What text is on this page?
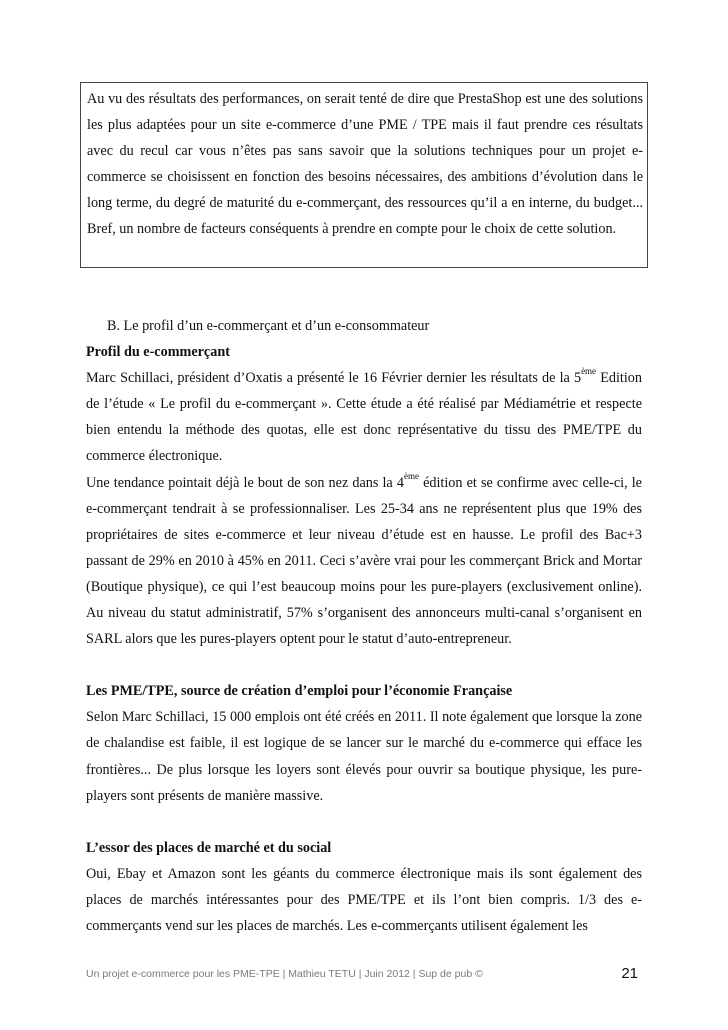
Au vu des résultats des performances, on serait tenté de dire que PrestaShop est une des solutions les plus adaptées pour un site e-commerce d’une PME / TPE mais il faut prendre ces résultats avec du recul car vous n’êtes pas sans savoir que la solutions techniques pour un projet e-commerce se choisissent en fonction des besoins nécessaires, des ambitions d’évolution dans le long terme, du degré de maturité du e-commerçant, des ressources qu’il a en interne, du budget... Bref, un nombre de facteurs conséquents à prendre en compte pour le choix de cette solution.

B. Le profil d’un e-commerçant et d’un e-consommateur

Profil du e-commerçant

Marc Schillaci, président d’Oxatis a présenté le 16 Février dernier les résultats de la 5ème Edition de l’étude « Le profil du e-commerçant ». Cette étude a été réalisé par Médiamétrie et respecte bien entendu la méthode des quotas, elle est donc représentative du tissu des PME/TPE du commerce électronique.

Une tendance pointait déjà le bout de son nez dans la 4ème édition et se confirme avec celle-ci, le e-commerçant tendrait à se professionnaliser. Les 25-34 ans ne représentent plus que 19% des propriétaires de sites e-commerce et leur niveau d’étude est en hausse. Le profil des Bac+3 passant de 29% en 2010 à 45% en 2011. Ceci s’avère vrai pour les commerçant Brick and Mortar (Boutique physique), ce qui l’est beaucoup moins pour les pure-players (exclusivement online). Au niveau du statut administratif, 57% s’organisent des annonceurs multi-canal s’organisent en SARL alors que les pures-players optent pour le statut d’auto-entrepreneur.

Les PME/TPE, source de création d’emploi pour l’économie Française

Selon Marc Schillaci, 15 000 emplois ont été créés en 2011. Il note également que lorsque la zone de chalandise est faible, il est logique de se lancer sur le marché du e-commerce qui efface les frontières... De plus lorsque les loyers sont élevés pour ouvrir sa boutique physique, les pure-players sont présents de manière massive.

L’essor des places de marché et du social

Oui, Ebay et Amazon sont les géants du commerce électronique mais ils sont également des places de marchés intéressantes pour des PME/TPE et ils l’ont bien compris. 1/3 des e-commerçants vend sur les places de marchés. Les e-commerçants utilisent également les

Un projet e-commerce pour les PME-TPE | Mathieu TETU | Juin 2012 | Sup de pub ©	21
